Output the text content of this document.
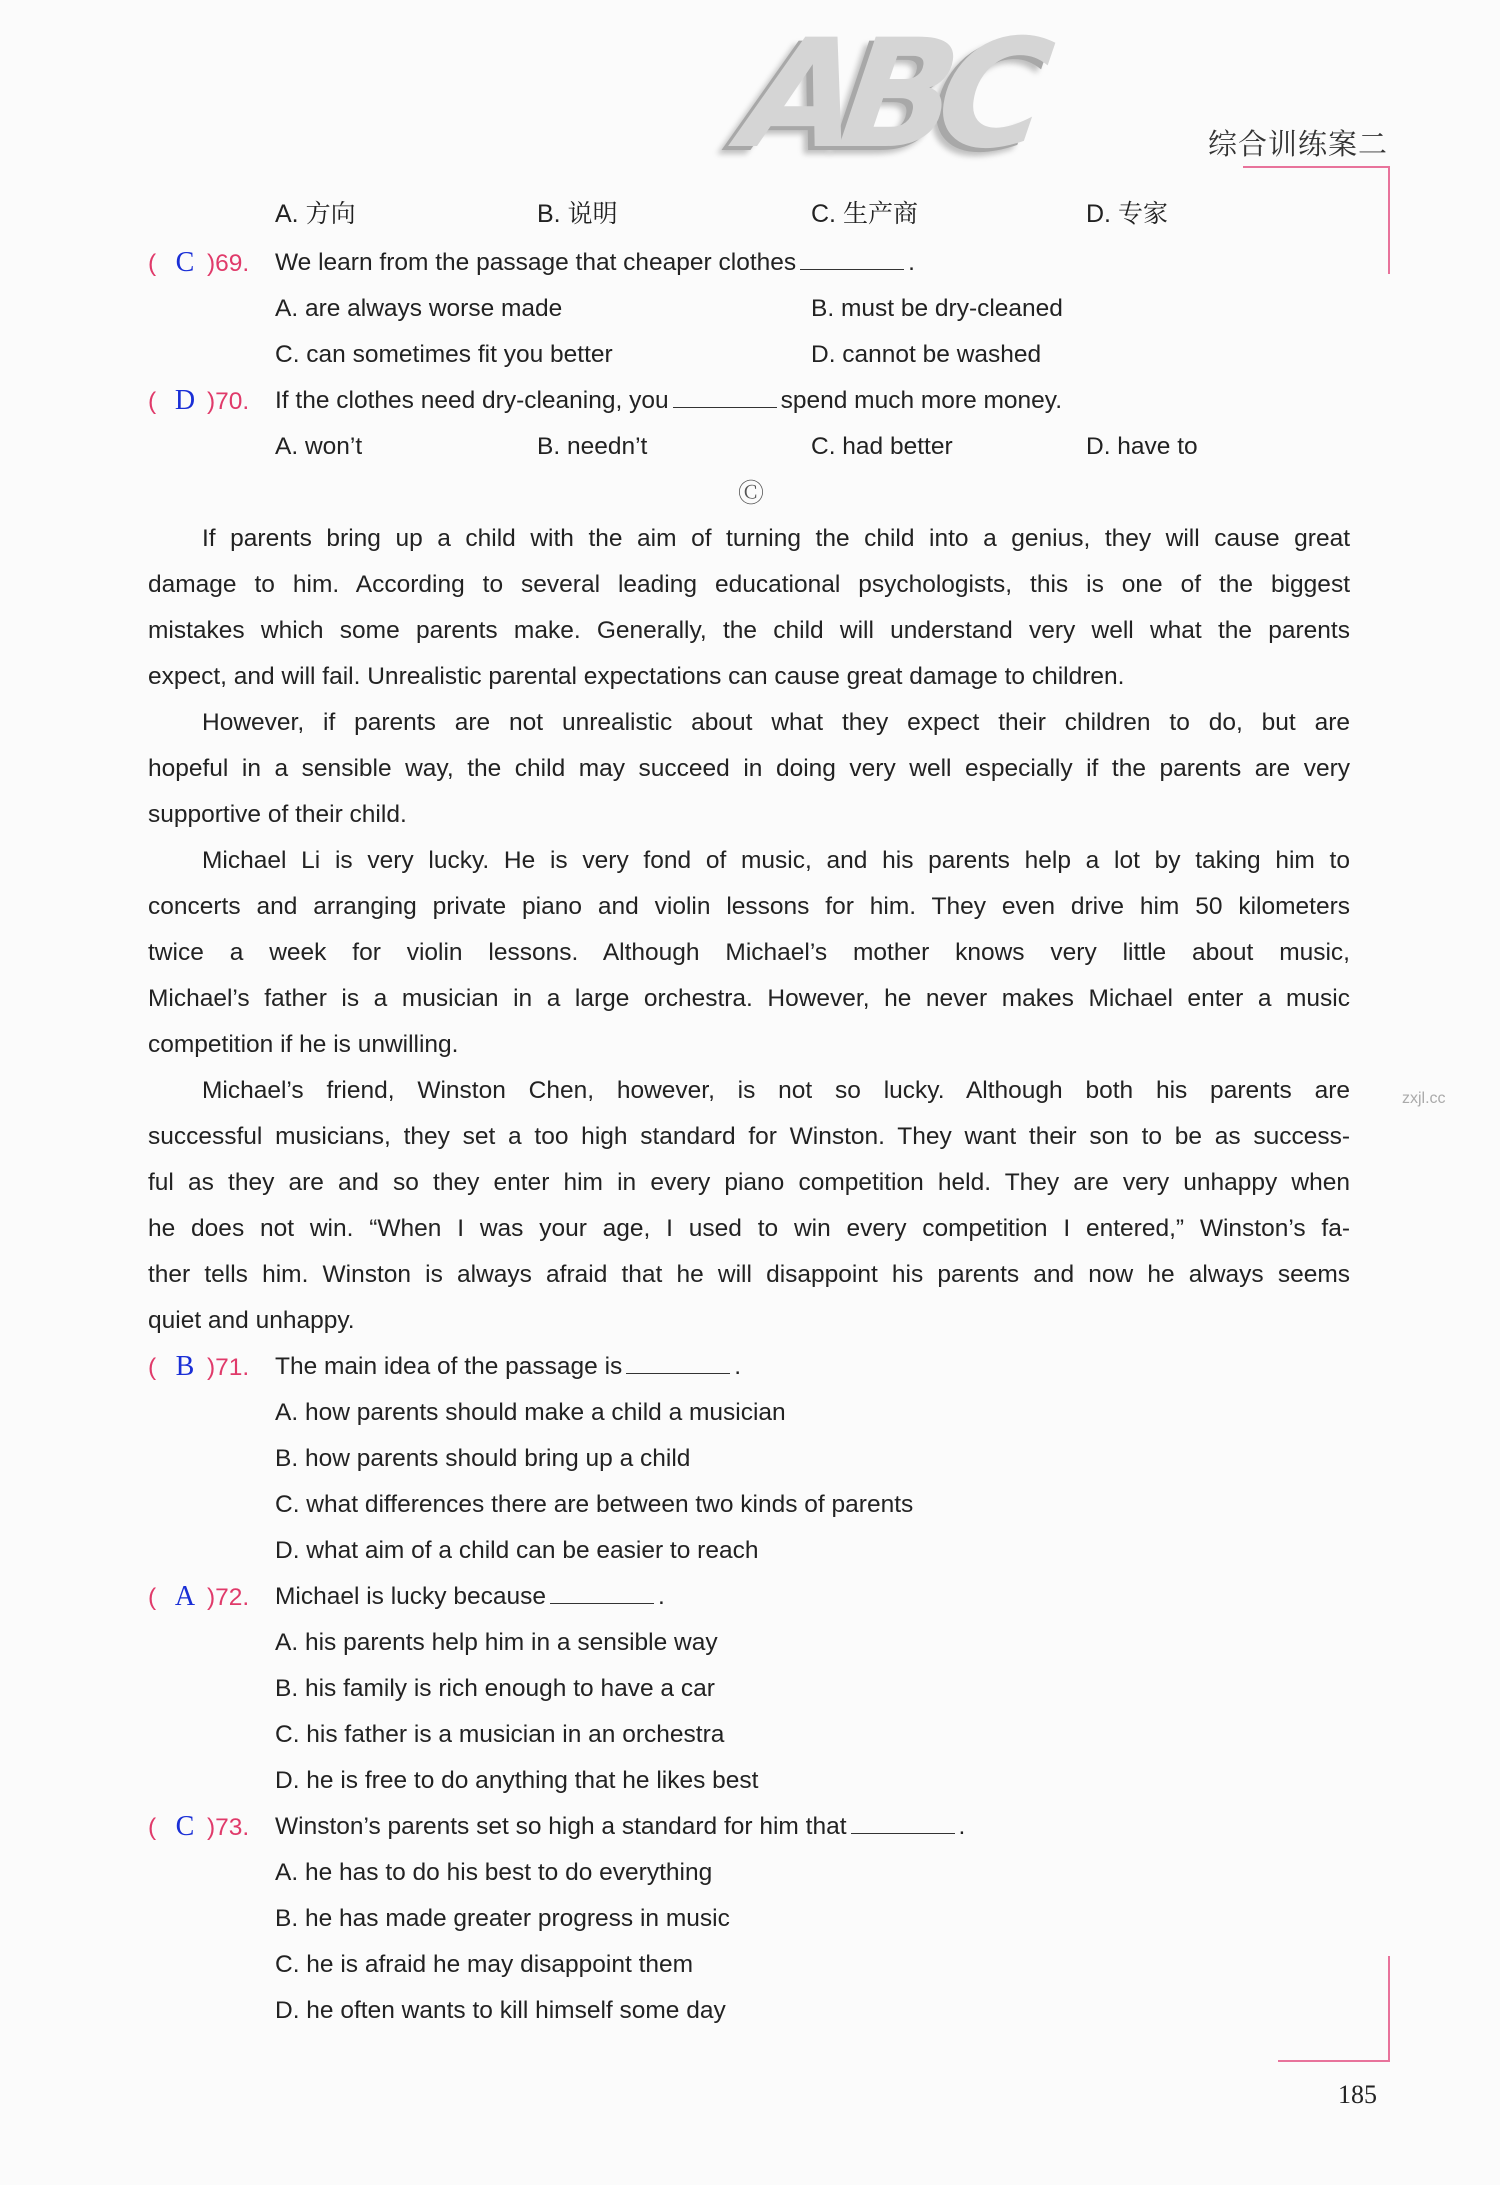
ABC	综合训练案二
A. 方向	B. 说明	C. 生产商	D. 专家
zxjl.cc
( C )69. We learn from the passage that cheaper clothes	.
A. are always worse made	B. must be dry-cleaned
C. can sometimes fit you better	D. cannot be washed
( D )70. If the clothes need dry-cleaning, you	spend much more money.
A. won’t	B. needn’t	C. had better	D. have to
Ⓒ
If parents bring up a child with the aim of turning the child into a genius, they will cause great
damage to him. According to several leading educational psychologists, this is one of the biggest
mistakes which some parents make. Generally, the child will understand very well what the parents
expect, and will fail. Unrealistic parental expectations can cause great damage to children.
However, if parents are not unrealistic about what they expect their children to do, but are
hopeful in a sensible way, the child may succeed in doing very well especially if the parents are very
supportive of their child.
Michael Li is very lucky. He is very fond of music, and his parents help a lot by taking him to
concerts and arranging private piano and violin lessons for him. They even drive him 50 kilometers
twice a week for violin lessons. Although Michael’s mother knows very little about music,
Michael’s father is a musician in a large orchestra. However, he never makes Michael enter a music
competition if he is unwilling.
Michael’s friend, Winston Chen, however, is not so lucky. Although both his parents are
successful musicians, they set a too high standard for Winston. They want their son to be as success-
ful as they are and so they enter him in every piano competition held. They are very unhappy when
he does not win. “When I was your age, I used to win every competition I entered,” Winston’s fa-
ther tells him. Winston is always afraid that he will disappoint his parents and now he always seems
quiet and unhappy.
( B )71. The main idea of the passage is	.
A. how parents should make a child a musician
B. how parents should bring up a child
C. what differences there are between two kinds of parents
D. what aim of a child can be easier to reach
( A )72. Michael is lucky because	.
A. his parents help him in a sensible way
B. his family is rich enough to have a car
C. his father is a musician in an orchestra
D. he is free to do anything that he likes best
( C )73. Winston’s parents set so high a standard for him that	.
A. he has to do his best to do everything
B. he has made greater progress in music
C. he is afraid he may disappoint them
D. he often wants to kill himself some day
185
